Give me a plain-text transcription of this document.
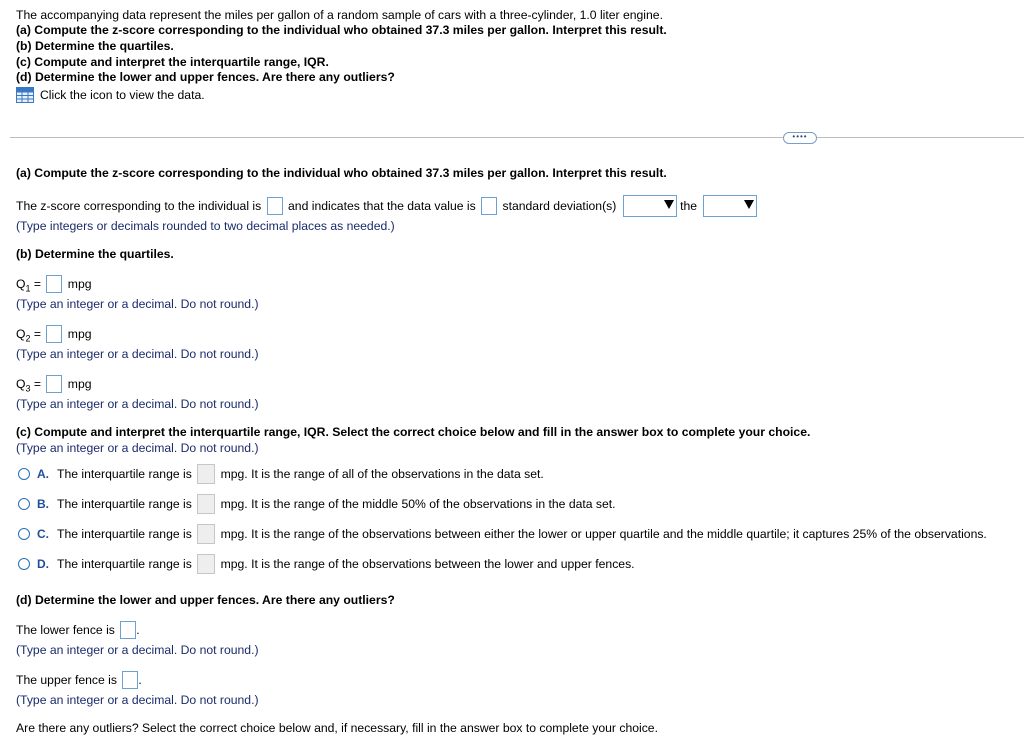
The accompanying data represent the miles per gallon of a random sample of cars with a three-cylinder, 1.0 liter engine.
(a) Compute the z-score corresponding to the individual who obtained 37.3 miles per gallon. Interpret this result.
(b) Determine the quartiles.
(c) Compute and interpret the interquartile range, IQR.
(d) Determine the lower and upper fences. Are there any outliers?
Click the icon to view the data.
••••
(a) Compute the z-score corresponding to the individual who obtained 37.3 miles per gallon. Interpret this result.
The z-score corresponding to the individual is and indicates that the data value is standard deviation(s)	the
(Type integers or decimals rounded to two decimal places as needed.)
(b) Determine the quartiles.
$Q_1$ = mpg
(Type an integer or a decimal. Do not round.)
$Q_2$ = mpg
(Type an integer or a decimal. Do not round.)
$Q_3$ = mpg
(Type an integer or a decimal. Do not round.)
(c) Compute and interpret the interquartile range, IQR. Select the correct choice below and fill in the answer box to complete your choice.
(Type an integer or a decimal. Do not round.)
A. The interquartile range is mpg. It is the range of all of the observations in the data set.
B. The interquartile range is mpg. It is the range of the middle 50% of the observations in the data set.
C. The interquartile range is mpg. It is the range of the observations between either the lower or upper quartile and the middle quartile; it captures 25% of the observations.
D. The interquartile range is mpg. It is the range of the observations between the lower and upper fences.
(d) Determine the lower and upper fences. Are there any outliers?
The lower fence is .
(Type an integer or a decimal. Do not round.)
The upper fence is .
(Type an integer or a decimal. Do not round.)
Are there any outliers? Select the correct choice below and, if necessary, fill in the answer box to complete your choice.
